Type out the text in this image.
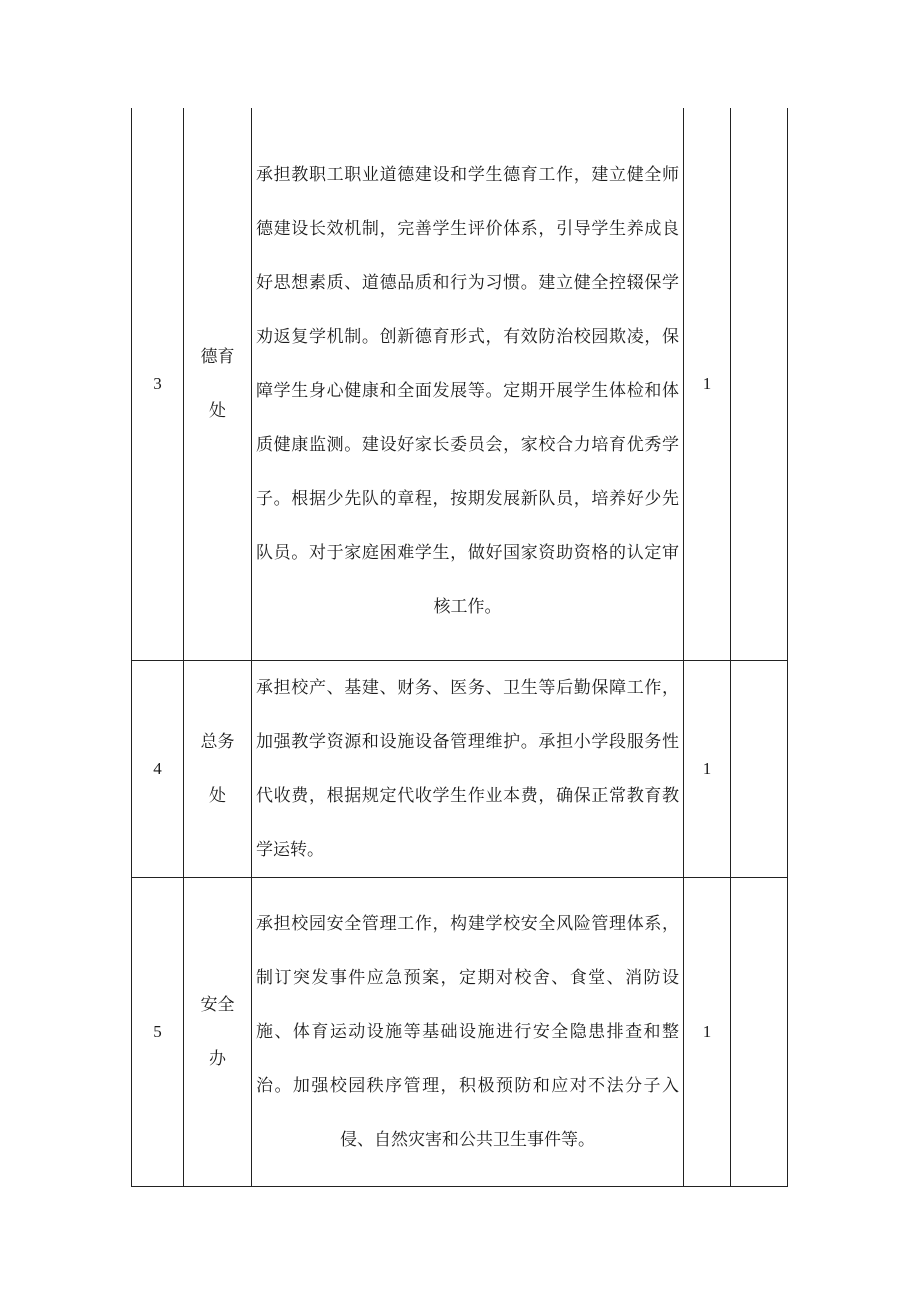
3	德育处	承担教职工职业道德建设和学生德育工作，建立健全师德建设长效机制，完善学生评价体系，引导学生养成良好思想素质、道德品质和行为习惯。建立健全控辍保学劝返复学机制。创新德育形式，有效防治校园欺凌，保障学生身心健康和全面发展等。定期开展学生体检和体质健康监测。建设好家长委员会，家校合力培育优秀学子。根据少先队的章程，按期发展新队员，培养好少先队员。对于家庭困难学生，做好国家资助资格的认定审核工作。	1	
4	总务处	承担校产、基建、财务、医务、卫生等后勤保障工作，加强教学资源和设施设备管理维护。承担小学段服务性代收费，根据规定代收学生作业本费，确保正常教育教学运转。	1	
5	安全办	承担校园安全管理工作，构建学校安全风险管理体系，制订突发事件应急预案，定期对校舍、食堂、消防设施、体育运动设施等基础设施进行安全隐患排查和整治。加强校园秩序管理，积极预防和应对不法分子入侵、自然灾害和公共卫生事件等。	1	
